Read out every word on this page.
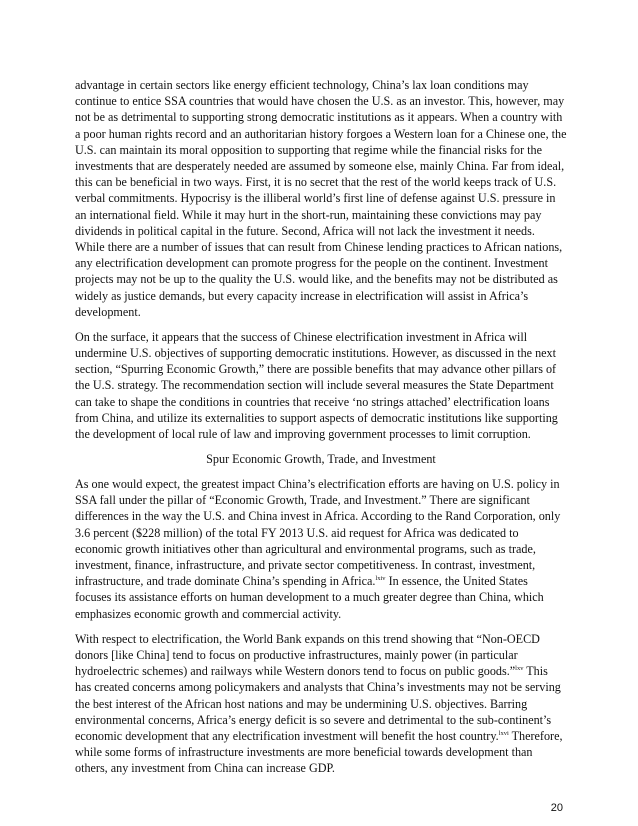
advantage in certain sectors like energy efficient technology, China’s lax loan conditions may continue to entice SSA countries that would have chosen the U.S. as an investor. This, however, may not be as detrimental to supporting strong democratic institutions as it appears. When a country with a poor human rights record and an authoritarian history forgoes a Western loan for a Chinese one, the U.S. can maintain its moral opposition to supporting that regime while the financial risks for the investments that are desperately needed are assumed by someone else, mainly China. Far from ideal, this can be beneficial in two ways. First, it is no secret that the rest of the world keeps track of U.S. verbal commitments. Hypocrisy is the illiberal world’s first line of defense against U.S. pressure in an international field. While it may hurt in the short-run, maintaining these convictions may pay dividends in political capital in the future. Second, Africa will not lack the investment it needs. While there are a number of issues that can result from Chinese lending practices to African nations, any electrification development can promote progress for the people on the continent. Investment projects may not be up to the quality the U.S. would like, and the benefits may not be distributed as widely as justice demands, but every capacity increase in electrification will assist in Africa’s development.

On the surface, it appears that the success of Chinese electrification investment in Africa will undermine U.S. objectives of supporting democratic institutions. However, as discussed in the next section, “Spurring Economic Growth,” there are possible benefits that may advance other pillars of the U.S. strategy. The recommendation section will include several measures the State Department can take to shape the conditions in countries that receive ‘no strings attached’ electrification loans from China, and utilize its externalities to support aspects of democratic institutions like supporting the development of local rule of law and improving government processes to limit corruption.

Spur Economic Growth, Trade, and Investment

As one would expect, the greatest impact China’s electrification efforts are having on U.S. policy in SSA fall under the pillar of “Economic Growth, Trade, and Investment.” There are significant differences in the way the U.S. and China invest in Africa. According to the Rand Corporation, only 3.6 percent ($228 million) of the total FY 2013 U.S. aid request for Africa was dedicated to economic growth initiatives other than agricultural and environmental programs, such as trade, investment, finance, infrastructure, and private sector competitiveness. In contrast, investment, infrastructure, and trade dominate China’s spending in Africa.$^{lxiv}$ In essence, the United States focuses its assistance efforts on human development to a much greater degree than China, which emphasizes economic growth and commercial activity.

With respect to electrification, the World Bank expands on this trend showing that “Non-OECD donors [like China] tend to focus on productive infrastructures, mainly power (in particular hydroelectric schemes) and railways while Western donors tend to focus on public goods.”$^{lxv}$ This has created concerns among policymakers and analysts that China’s investments may not be serving the best interest of the African host nations and may be undermining U.S. objectives. Barring environmental concerns, Africa’s energy deficit is so severe and detrimental to the sub-continent’s economic development that any electrification investment will benefit the host country.$^{lxvi}$ Therefore, while some forms of infrastructure investments are more beneficial towards development than others, any investment from China can increase GDP.

20
